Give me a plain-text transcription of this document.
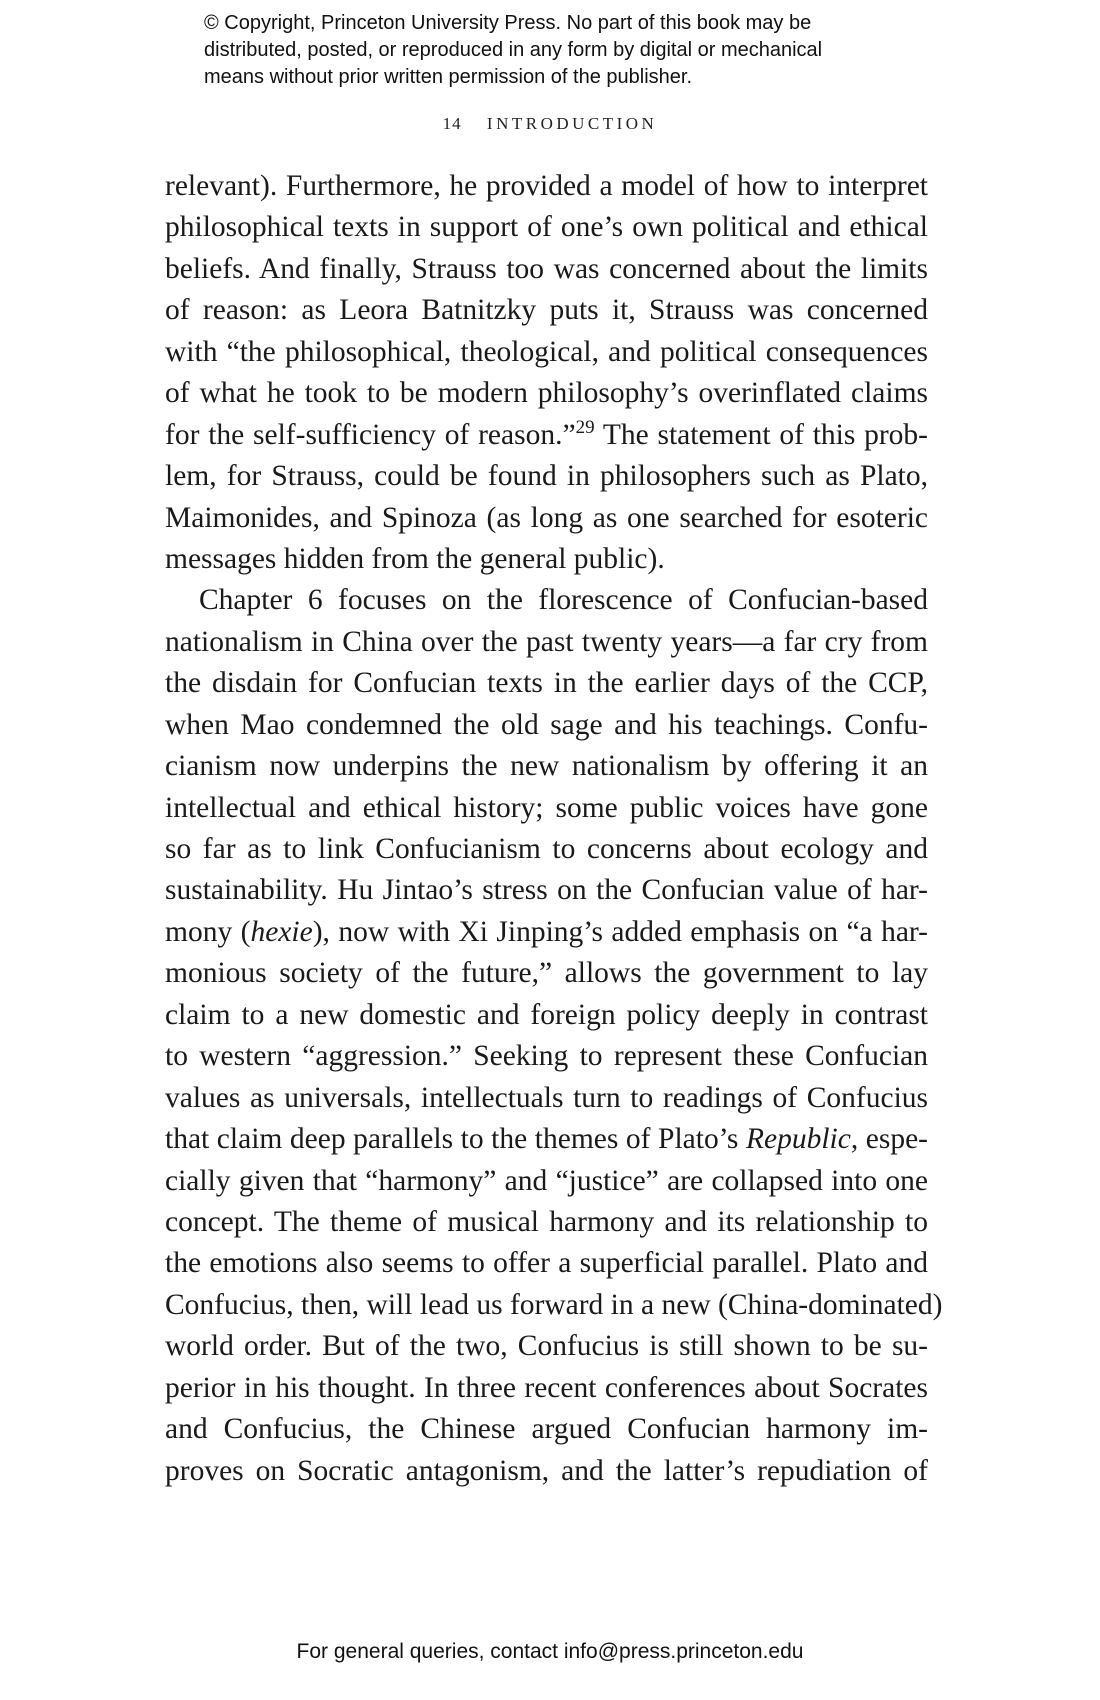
© Copyright, Princeton University Press. No part of this book may be
distributed, posted, or reproduced in any form by digital or mechanical
means without prior written permission of the publisher.
14 INTRODUCTION
relevant). Furthermore, he provided a model of how to interpret
philosophical texts in support of one’s own political and ethical
beliefs. And finally, Strauss too was concerned about the limits
of reason: as Leora Batnitzky puts it, Strauss was concerned
with “the philosophical, theological, and political consequences
of what he took to be modern philosophy’s overinflated claims
for the self-sufficiency of reason.”$^{29}$ The statement of this prob-
lem, for Strauss, could be found in philosophers such as Plato,
Maimonides, and Spinoza (as long as one searched for esoteric
messages hidden from the general public).
Chapter 6 focuses on the florescence of Confucian-based
nationalism in China over the past twenty years—a far cry from
the disdain for Confucian texts in the earlier days of the CCP,
when Mao condemned the old sage and his teachings. Confu-
cianism now underpins the new nationalism by offering it an
intellectual and ethical history; some public voices have gone
so far as to link Confucianism to concerns about ecology and
sustainability. Hu Jintao’s stress on the Confucian value of har-
mony (hexie), now with Xi Jinping’s added emphasis on “a har-
monious society of the future,” allows the government to lay
claim to a new domestic and foreign policy deeply in contrast
to western “aggression.” Seeking to represent these Confucian
values as universals, intellectuals turn to readings of Confucius
that claim deep parallels to the themes of Plato’s Republic, espe-
cially given that “harmony” and “justice” are collapsed into one
concept. The theme of musical harmony and its relationship to
the emotions also seems to offer a superficial parallel. Plato and
Confucius, then, will lead us forward in a new (China-dominated)
world order. But of the two, Confucius is still shown to be su-
perior in his thought. In three recent conferences about Socrates
and Confucius, the Chinese argued Confucian harmony im-
proves on Socratic antagonism, and the latter’s repudiation of
For general queries, contact info@press.princeton.edu
